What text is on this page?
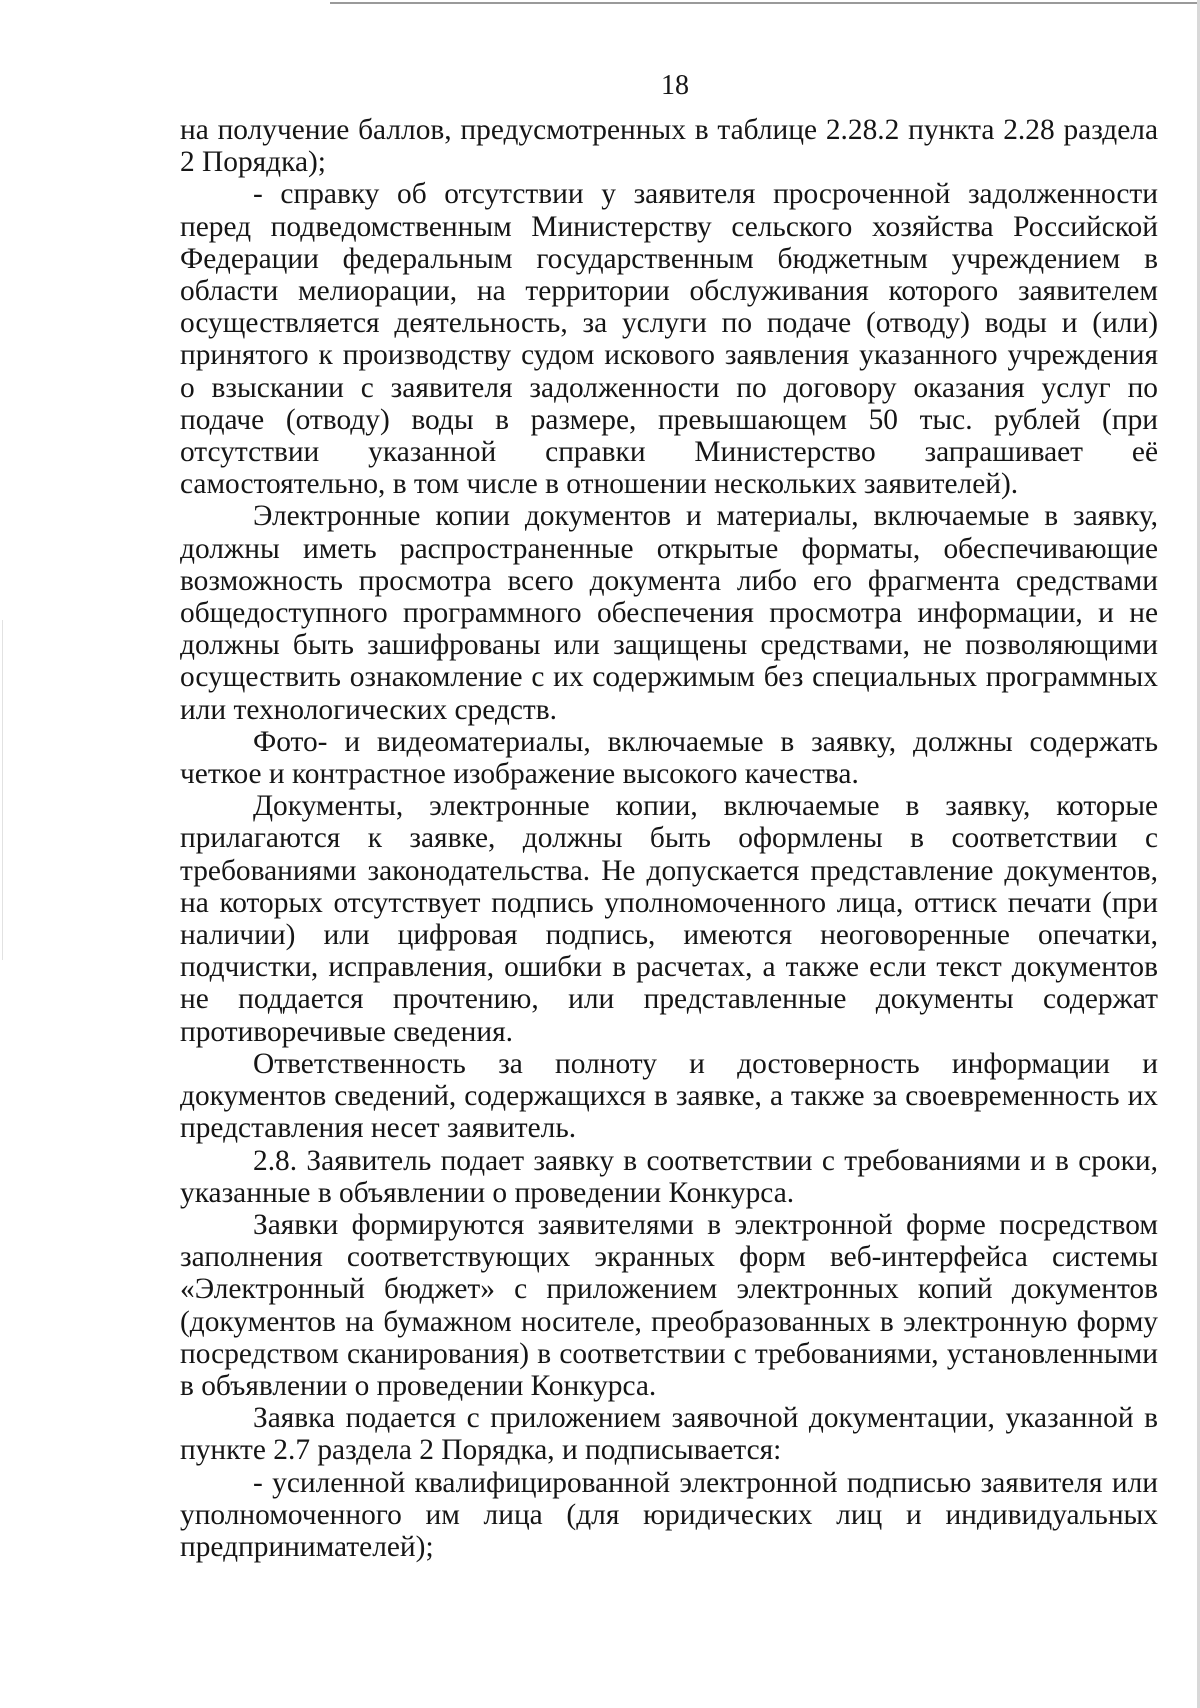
18

на получение баллов, предусмотренных в таблице 2.28.2 пункта 2.28 раздела 2 Порядка);

- справку об отсутствии у заявителя просроченной задолженности перед подведомственным Министерству сельского хозяйства Российской Федерации федеральным государственным бюджетным учреждением в области мелиорации, на территории обслуживания которого заявителем осуществляется деятельность, за услуги по подаче (отводу) воды и (или) принятого к производству судом искового заявления указанного учреждения о взыскании с заявителя задолженности по договору оказания услуг по подаче (отводу) воды в размере, превышающем 50 тыс. рублей (при отсутствии указанной справки Министерство запрашивает её самостоятельно, в том числе в отношении нескольких заявителей).

Электронные копии документов и материалы, включаемые в заявку, должны иметь распространенные открытые форматы, обеспечивающие возможность просмотра всего документа либо его фрагмента средствами общедоступного программного обеспечения просмотра информации, и не должны быть зашифрованы или защищены средствами, не позволяющими осуществить ознакомление с их содержимым без специальных программных или технологических средств.

Фото- и видеоматериалы, включаемые в заявку, должны содержать четкое и контрастное изображение высокого качества.

Документы, электронные копии, включаемые в заявку, которые прилагаются к заявке, должны быть оформлены в соответствии с требованиями законодательства. Не допускается представление документов, на которых отсутствует подпись уполномоченного лица, оттиск печати (при наличии) или цифровая подпись, имеются неоговоренные опечатки, подчистки, исправления, ошибки в расчетах, а также если текст документов не поддается прочтению, или представленные документы содержат противоречивые сведения.

Ответственность за полноту и достоверность информации и документов сведений, содержащихся в заявке, а также за своевременность их представления несет заявитель.

2.8. Заявитель подает заявку в соответствии с требованиями и в сроки, указанные в объявлении о проведении Конкурса.

Заявки формируются заявителями в электронной форме посредством заполнения соответствующих экранных форм веб-интерфейса системы «Электронный бюджет» с приложением электронных копий документов (документов на бумажном носителе, преобразованных в электронную форму посредством сканирования) в соответствии с требованиями, установленными в объявлении о проведении Конкурса.

Заявка подается с приложением заявочной документации, указанной в пункте 2.7 раздела 2 Порядка, и подписывается:

- усиленной квалифицированной электронной подписью заявителя или уполномоченного им лица (для юридических лиц и индивидуальных предпринимателей);
